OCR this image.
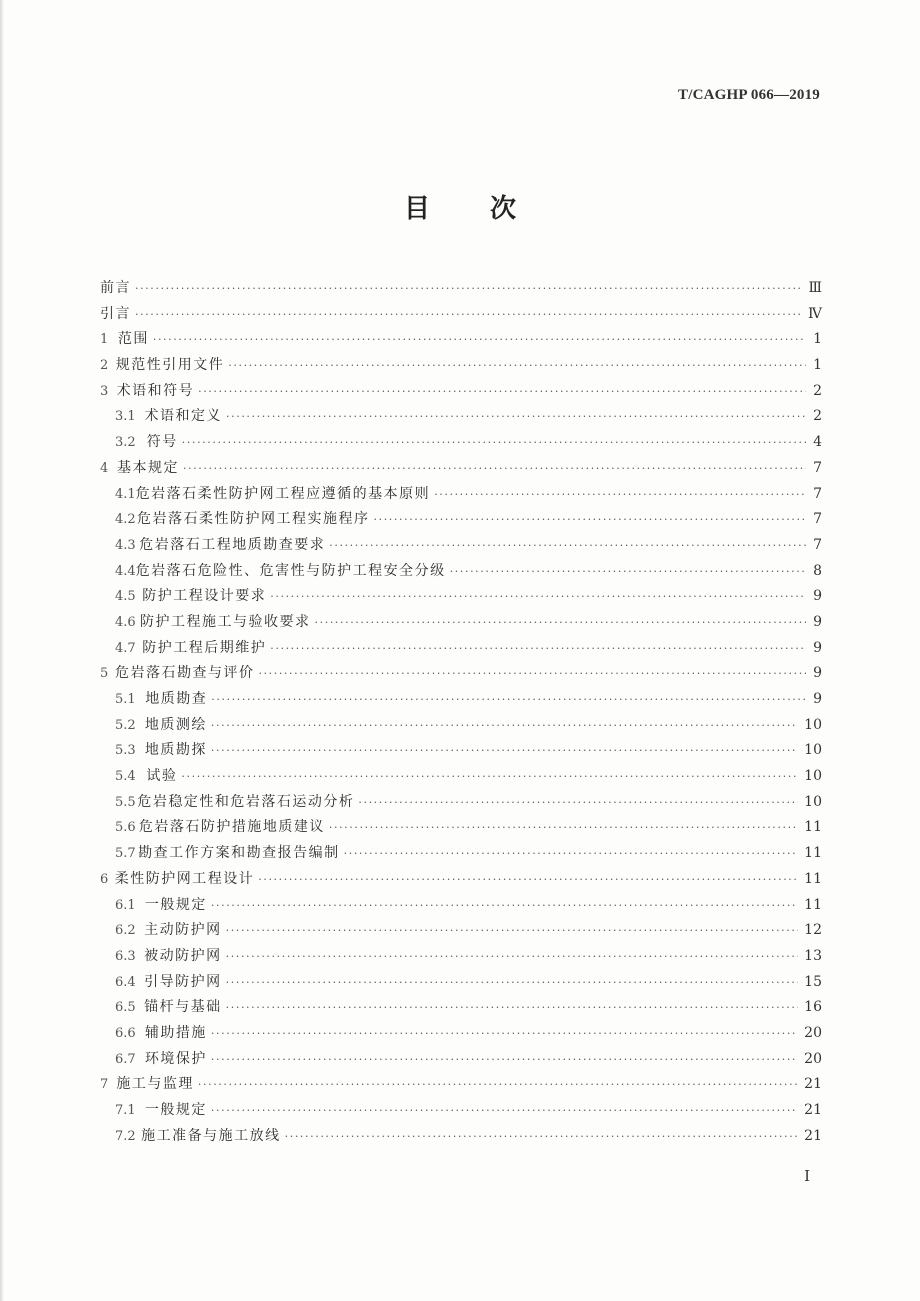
T/CAGHP 066—2019
目次
前言 ·····	Ⅲ
引言 ·····	Ⅳ
1 范围 ·····	1
2 规范性引用文件 ·····	1
3 术语和符号 ·····	2
3.1 术语和定义 ·····	2
3.2 符号 ·····	4
4 基本规定 ·····	7
4.1 危岩落石柔性防护网工程应遵循的基本原则 ·····	7
4.2 危岩落石柔性防护网工程实施程序 ·····	7
4.3 危岩落石工程地质勘查要求 ·····	7
4.4 危岩落石危险性、危害性与防护工程安全分级 ·····	8
4.5 防护工程设计要求 ·····	9
4.6 防护工程施工与验收要求 ·····	9
4.7 防护工程后期维护 ·····	9
5 危岩落石勘查与评价 ·····	9
5.1 地质勘查 ·····	9
5.2 地质测绘 ·····	10
5.3 地质勘探 ·····	10
5.4 试验 ·····	10
5.5 危岩稳定性和危岩落石运动分析 ·····	10
5.6 危岩落石防护措施地质建议 ·····	11
5.7 勘查工作方案和勘查报告编制 ·····	11
6 柔性防护网工程设计 ·····	11
6.1 一般规定 ·····	11
6.2 主动防护网 ·····	12
6.3 被动防护网 ·····	13
6.4 引导防护网 ·····	15
6.5 锚杆与基础 ·····	16
6.6 辅助措施 ·····	20
6.7 环境保护 ·····	20
7 施工与监理 ·····	21
7.1 一般规定 ·····	21
7.2 施工准备与施工放线 ·····	21
I
